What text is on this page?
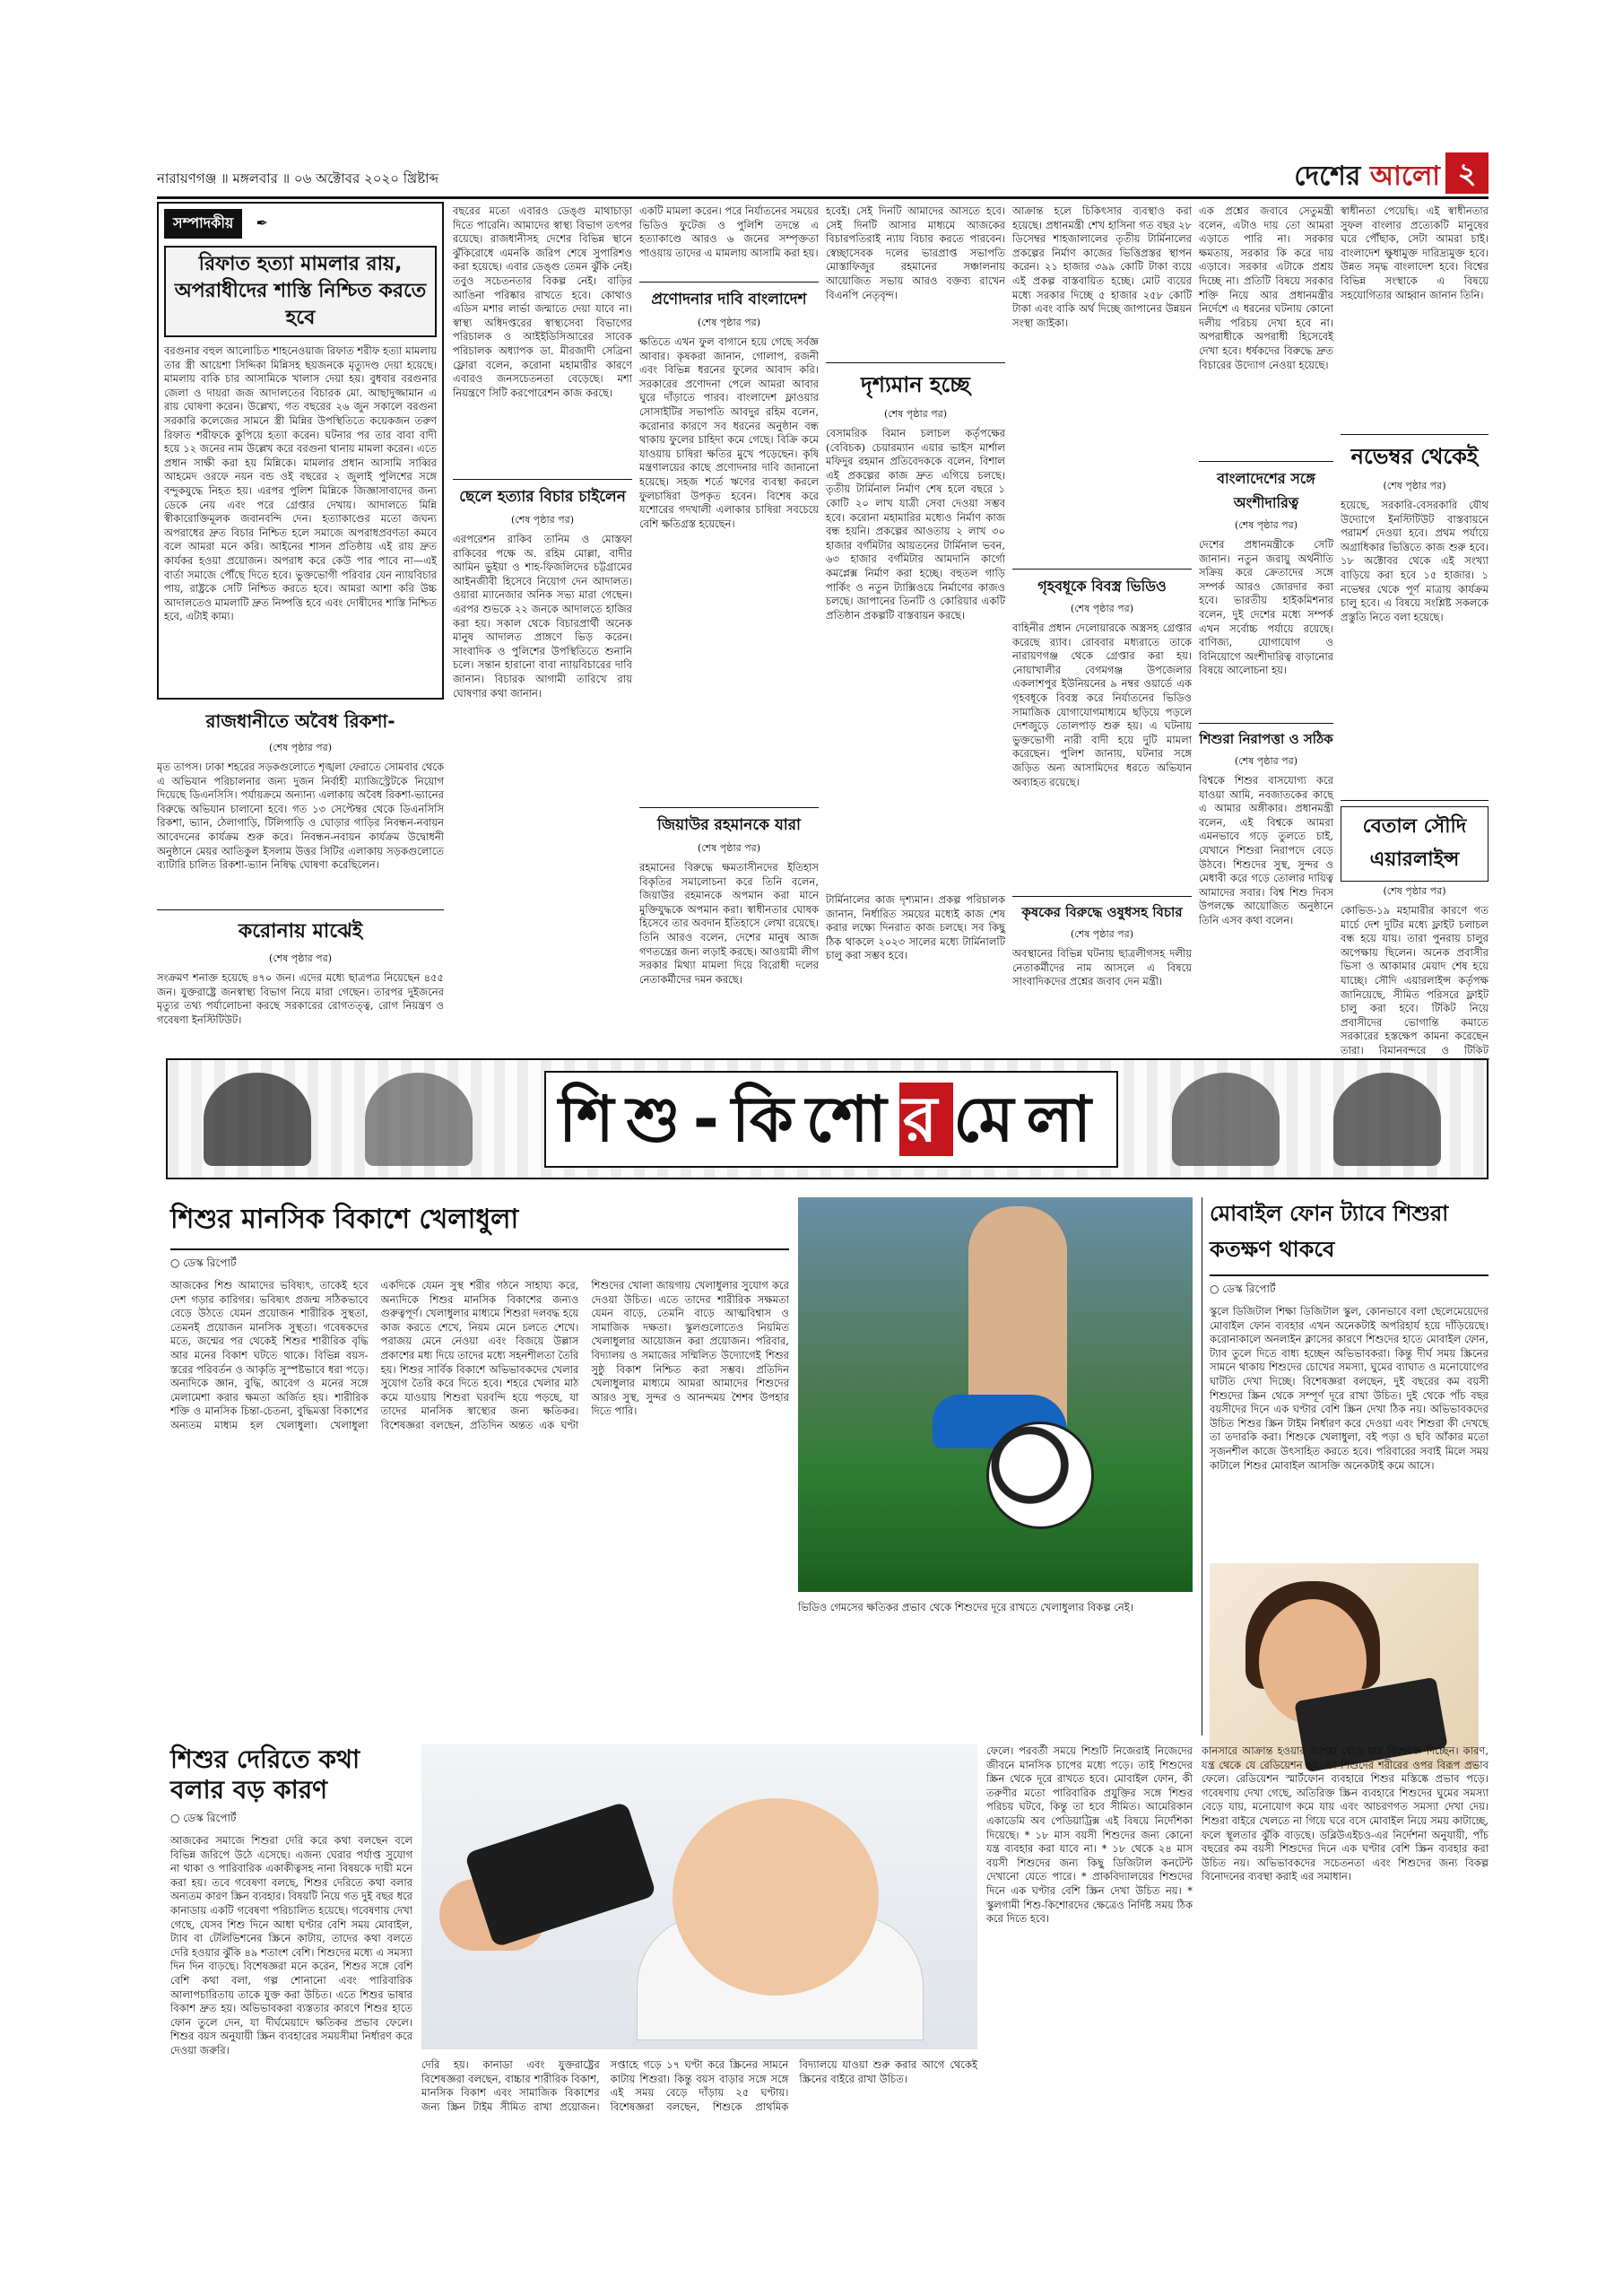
নারায়ণগঞ্জ ॥ মঙ্গলবার ॥ ০৬ অক্টোবর ২০২০ খ্রিষ্টাব্দ	দেশের আলো ২
সম্পাদকীয় ✒
রিফাত হত্যা মামলার রায়, অপরাধীদের শাস্তি নিশ্চিত করতে হবে
বরগুনার বহুল আলোচিত শাহনেওয়াজ রিফাত শরীফ হত্যা মামলায় তার স্ত্রী আয়েশা সিদ্দিকা মিন্নিসহ ছয়জনকে মৃত্যুদণ্ড দেয়া হয়েছে। মামলায় বাকি চার আসামিকে খালাস দেয়া হয়। বুধবার বরগুনার জেলা ও দায়রা জজ আদালতের বিচারক মো. আছাদুজ্জামান এ রায় ঘোষণা করেন। উল্লেখ্য, গত বছরের ২৬ জুন সকালে বরগুনা সরকারি কলেজের সামনে স্ত্রী মিন্নির উপস্থিতিতে কয়েকজন তরুণ রিফাত শরীফকে কুপিয়ে হত্যা করেন। ঘটনার পর তার বাবা বাদী হয়ে ১২ জনের নাম উল্লেখ করে বরগুনা থানায় মামলা করেন। এতে প্রধান সাক্ষী করা হয় মিন্নিকে। মামলার প্রধান আসামি সাব্বির আহমেদ ওরফে নয়ন বন্ড ওই বছরের ২ জুলাই পুলিশের সঙ্গে বন্দুকযুদ্ধে নিহত হয়। এরপর পুলিশ মিন্নিকে জিজ্ঞাসাবাদের জন্য ডেকে নেয় এবং পরে গ্রেপ্তার দেখায়। আদালতে মিন্নি স্বীকারোক্তিমূলক জবানবন্দি দেন। হত্যাকাণ্ডের মতো জঘন্য অপরাধের দ্রুত বিচার নিশ্চিত হলে সমাজে অপরাধপ্রবণতা কমবে বলে আমরা মনে করি। আইনের শাসন প্রতিষ্ঠায় এই রায় দ্রুত কার্যকর হওয়া প্রয়োজন। অপরাধ করে কেউ পার পাবে না—এই বার্তা সমাজে পৌঁছে দিতে হবে। ভুক্তভোগী পরিবার যেন ন্যায়বিচার পায়, রাষ্ট্রকে সেটি নিশ্চিত করতে হবে। আমরা আশা করি উচ্চ আদালতেও মামলাটি দ্রুত নিষ্পত্তি হবে এবং দোষীদের শাস্তি নিশ্চিত হবে, এটাই কাম্য।
রাজধানীতে অবৈধ রিকশা-
(শেষ পৃষ্ঠার পর)
মৃত তাপস। ঢাকা শহরের সড়কগুলোতে শৃঙ্খলা ফেরাতে সোমবার থেকে এ অভিযান পরিচালনার জন্য দুজন নির্বাহী ম্যাজিস্ট্রেটকে নিয়োগ দিয়েছে ডিএনসিসি। পর্যায়ক্রমে অন্যান্য এলাকায় অবৈধ রিকশা-ভ্যানের বিরুদ্ধে অভিযান চালানো হবে। গত ১৩ সেপ্টেম্বর থেকে ডিএনসিসি রিকশা, ভ্যান, ঠেলাগাড়ি, টিলিগাড়ি ও ঘোড়ার গাড়ির নিবন্ধন-নবায়ন আবেদনের কার্যক্রম শুরু করে। নিবন্ধন-নবায়ন কার্যক্রম উদ্বোধনী অনুষ্ঠানে মেয়র আতিকুল ইসলাম উত্তর সিটির এলাকায় সড়কগুলোতে ব্যাটারি চালিত রিকশা-ভ্যান নিষিদ্ধ ঘোষণা করেছিলেন।
করোনায় মাঝেই
(শেষ পৃষ্ঠার পর)
সংক্রমণ শনাক্ত হয়েছে ৪৭০ জন। এদের মধ্যে ছাত্রপত্র নিয়েছেন ৪৫৫ জন। যুক্তরাষ্ট্রে জনস্বাস্থ্য বিভাগ নিয়ে মারা গেছেন। তারপর দুইজনের মৃত্যুর তথ্য পর্যালোচনা করছে সরকারের রোগতত্ত্ব, রোগ নিয়ন্ত্রণ ও গবেষণা ইনস্টিটিউট।
বছরের মতো এবারও ডেঙ্গু মাথাচাড়া দিতে পারেনি। আমাদের স্বাস্থ্য বিভাগ তৎপর রয়েছে। রাজধানীসহ দেশের বিভিন্ন স্থানে ঝুঁকিরোধে এমনকি জরিপ শেষে সুপারিশও করা হয়েছে। এবার ডেঙ্গু তেমন ঝুঁকি নেই। তবুও সচেতনতার বিকল্প নেই। বাড়ির আঙিনা পরিষ্কার রাখতে হবে। কোথাও এডিস মশার লার্ভা জন্মাতে দেয়া যাবে না। স্বাস্থ্য অধিদপ্তরের স্বাস্থ্যসেবা বিভাগের পরিচালক ও আইইডিসিআরের সাবেক পরিচালক অধ্যাপক ডা. মীরজাদী সেব্রিনা ফ্লোরা বলেন, করোনা মহামারীর কারণে এবারও জনসচেতনতা বেড়েছে। মশা নিয়ন্ত্রণে সিটি করপোরেশন কাজ করছে।
ছেলে হত্যার বিচার চাইলেন
(শেষ পৃষ্ঠার পর)
এরপরেশন রাকিব তানিম ও মোস্তফা রাকিবের পক্ষে অ. রহিম মোল্লা, বাদীর আমিন ভুইয়া ও শাহ-ফিজলিদের চট্টগ্রামের আইনজীবী হিসেবে নিয়োগ দেন আদালত। ওয়ারা ম্যানেজার অনিক সভ্য মারা গেছেন। এরপর শুভকে ২২ জনকে আদালতে হাজির করা হয়। সকাল থেকে বিচারপ্রার্থী অনেক মানুষ আদালত প্রাঙ্গণে ভিড় করেন। সাংবাদিক ও পুলিশের উপস্থিতিতে শুনানি চলে। সন্তান হারানো বাবা ন্যায়বিচারের দাবি জানান। বিচারক আগামী তারিখে রায় ঘোষণার কথা জানান।
একটি মামলা করেন। পরে নির্যাতনের সময়ের ভিডিও ফুটেজ ও পুলিশি তদন্তে এ হত্যাকাণ্ডে আরও ৬ জনের সম্পৃক্ততা পাওয়ায় তাদের এ মামলায় আসামি করা হয়।
প্রণোদনার দাবি বাংলাদেশ
(শেষ পৃষ্ঠার পর)
ক্ষতিতে এখন ফুল বাগানে হয়ে গেছে সর্বজ্ঞ আবার। কৃষকরা জানান, গোলাপ, রজনী এবং বিভিন্ন ধরনের ফুলের আবাদ করি। সরকারের প্রণোদনা পেলে আমরা আবার ঘুরে দাঁড়াতে পারব। বাংলাদেশ ফ্লাওয়ার সোসাইটির সভাপতি আবদুর রহিম বলেন, করোনার কারণে সব ধরনের অনুষ্ঠান বন্ধ থাকায় ফুলের চাহিদা কমে গেছে। বিক্রি কমে যাওয়ায় চাষিরা ক্ষতির মুখে পড়েছেন। কৃষি মন্ত্রণালয়ের কাছে প্রণোদনার দাবি জানানো হয়েছে। সহজ শর্তে ঋণের ব্যবস্থা করলে ফুলচাষিরা উপকৃত হবেন। বিশেষ করে যশোরের গদখালী এলাকার চাষিরা সবচেয়ে বেশি ক্ষতিগ্রস্ত হয়েছেন।
জিয়াউর রহমানকে যারা
(শেষ পৃষ্ঠার পর)
রহমানের বিরুদ্ধে ক্ষমতাসীনদের ইতিহাস বিকৃতির সমালোচনা করে তিনি বলেন, জিয়াউর রহমানকে অপমান করা মানে মুক্তিযুদ্ধকে অপমান করা। স্বাধীনতার ঘোষক হিসেবে তার অবদান ইতিহাসে লেখা রয়েছে। তিনি আরও বলেন, দেশের মানুষ আজ গণতন্ত্রের জন্য লড়াই করছে। আওয়ামী লীগ সরকার মিথ্যা মামলা দিয়ে বিরোধী দলের নেতাকর্মীদের দমন করছে।
হবেই। সেই দিনটি আমাদের আসতে হবে। সেই দিনটি আসার মাধ্যমে আজকের বিচারপতিরাই ন্যায় বিচার করতে পারবেন। স্বেচ্ছাসেবক দলের ভারপ্রাপ্ত সভাপতি মোস্তাফিজুর রহমানের সঞ্চালনায় আয়োজিত সভায় আরও বক্তব্য রাখেন বিএনপি নেতৃবৃন্দ।
দৃশ্যমান হচ্ছে
(শেষ পৃষ্ঠার পর)
বেসামরিক বিমান চলাচল কর্তৃপক্ষের (বেবিচক) চেয়ারম্যান এয়ার ভাইস মার্শাল মফিদুর রহমান প্রতিবেদককে বলেন, বিশাল এই প্রকল্পের কাজ দ্রুত এগিয়ে চলছে। তৃতীয় টার্মিনাল নির্মাণ শেষ হলে বছরে ১ কোটি ২০ লাখ যাত্রী সেবা দেওয়া সম্ভব হবে। করোনা মহামারির মধ্যেও নির্মাণ কাজ বন্ধ হয়নি। প্রকল্পের আওতায় ২ লাখ ৩০ হাজার বর্গমিটার আয়তনের টার্মিনাল ভবন, ৬৩ হাজার বর্গমিটার আমদানি কার্গো কমপ্লেক্স নির্মাণ করা হচ্ছে। বহুতল গাড়ি পার্কিং ও নতুন ট্যাক্সিওয়ে নির্মাণের কাজও চলছে। জাপানের তিনটি ও কোরিয়ার একটি প্রতিষ্ঠান প্রকল্পটি বাস্তবায়ন করছে।
টার্মিনালের কাজ দৃশ্যমান। প্রকল্প পরিচালক জানান, নির্ধারিত সময়ের মধ্যেই কাজ শেষ করার লক্ষ্যে দিনরাত কাজ চলছে। সব কিছু ঠিক থাকলে ২০২৩ সালের মধ্যে টার্মিনালটি চালু করা সম্ভব হবে।
আক্রান্ত হলে চিকিৎসার ব্যবস্থাও করা হয়েছে। প্রধানমন্ত্রী শেখ হাসিনা গত বছর ২৮ ডিসেম্বর শাহজালালের তৃতীয় টার্মিনালের প্রকল্পের নির্মাণ কাজের ভিত্তিপ্রস্তর স্থাপন করেন। ২১ হাজার ৩৯৯ কোটি টাকা ব্যয়ে এই প্রকল্প বাস্তবায়িত হচ্ছে। মোট ব্যয়ের মধ্যে সরকার দিচ্ছে ৫ হাজার ২৫৮ কোটি টাকা এবং বাকি অর্থ দিচ্ছে জাপানের উন্নয়ন সংস্থা জাইকা।
গৃহবধূকে বিবস্ত্র ভিডিও
(শেষ পৃষ্ঠার পর)
বাহিনীর প্রধান দেলোয়ারকে অস্ত্রসহ গ্রেপ্তার করেছে র‍্যাব। রোববার মধ্যরাতে তাকে নারায়ণগঞ্জ থেকে গ্রেপ্তার করা হয়। নোয়াখালীর বেগমগঞ্জ উপজেলার একলাশপুর ইউনিয়নের ৯ নম্বর ওয়ার্ডে এক গৃহবধূকে বিবস্ত্র করে নির্যাতনের ভিডিও সামাজিক যোগাযোগমাধ্যমে ছড়িয়ে পড়লে দেশজুড়ে তোলপাড় শুরু হয়। এ ঘটনায় ভুক্তভোগী নারী বাদী হয়ে দুটি মামলা করেছেন। পুলিশ জানায়, ঘটনার সঙ্গে জড়িত অন্য আসামিদের ধরতে অভিযান অব্যাহত রয়েছে।
কৃষকের বিরুদ্ধে ওষুধসহ বিচার
(শেষ পৃষ্ঠার পর)
অবস্থানের বিভিন্ন ঘটনায় ছাত্রলীগসহ দলীয় নেতাকর্মীদের নাম আসলে এ বিষয়ে সাংবাদিকদের প্রশ্নের জবাব দেন মন্ত্রী।
এক প্রশ্নের জবাবে সেতুমন্ত্রী বলেন, এটাও দায় তো আমরা এড়াতে পারি না। সরকার ক্ষমতায়, সরকার কি করে দায় এড়াবে। সরকার এটাকে প্রশ্রয় দিচ্ছে না। প্রতিটি বিষয়ে সরকার শক্তি নিয়ে আর প্রধানমন্ত্রীর নির্দেশে এ ধরনের ঘটনায় কোনো দলীয় পরিচয় দেখা হবে না। অপরাধীকে অপরাধী হিসেবেই দেখা হবে। ধর্ষকদের বিরুদ্ধে দ্রুত বিচারের উদ্যোগ নেওয়া হয়েছে।
বাংলাদেশের সঙ্গে অংশীদারিত্ব
(শেষ পৃষ্ঠার পর)
দেশের প্রধানমন্ত্রীকে সেটি জানান। নতুন জরায়ু অর্থনীতি সক্রিয় করে ক্রেতাদের সঙ্গে সম্পর্ক আরও জোরদার করা হবে। ভারতীয় হাইকমিশনার বলেন, দুই দেশের মধ্যে সম্পর্ক এখন সর্বোচ্চ পর্যায়ে রয়েছে। বাণিজ্য, যোগাযোগ ও বিনিয়োগে অংশীদারিত্ব বাড়ানোর বিষয়ে আলোচনা হয়।
শিশুরা নিরাপত্তা ও সঠিক
(শেষ পৃষ্ঠার পর)
বিশ্বকে শিশুর বাসযোগ্য করে যাওয়া আমি, নবজাতকের কাছে এ আমার অঙ্গীকার। প্রধানমন্ত্রী বলেন, এই বিশ্বকে আমরা এমনভাবে গড়ে তুলতে চাই, যেখানে শিশুরা নিরাপদে বেড়ে উঠবে। শিশুদের সুস্থ, সুন্দর ও মেধাবী করে গড়ে তোলার দায়িত্ব আমাদের সবার। বিশ্ব শিশু দিবস উপলক্ষে আয়োজিত অনুষ্ঠানে তিনি এসব কথা বলেন।
স্বাধীনতা পেয়েছি। এই স্বাধীনতার সুফল বাংলার প্রত্যেকটি মানুষের ঘরে পৌঁছাক, সেটা আমরা চাই। বাংলাদেশ ক্ষুধামুক্ত দারিদ্র্যমুক্ত হবে। উন্নত সমৃদ্ধ বাংলাদেশ হবে। বিশ্বের বিভিন্ন সংস্থাকে এ বিষয়ে সহযোগিতার আহ্বান জানান তিনি।
নভেম্বর থেকেই
(শেষ পৃষ্ঠার পর)
হয়েছে, সরকারি-বেসরকারি যৌথ উদ্যোগে ইনস্টিটিউট বাস্তবায়নে পরামর্শ দেওয়া হবে। প্রথম পর্যায়ে অগ্রাধিকার ভিত্তিতে কাজ শুরু হবে। ১৮ অক্টোবর থেকে এই সংখ্যা বাড়িয়ে করা হবে ১৫ হাজার। ১ নভেম্বর থেকে পূর্ণ মাত্রায় কার্যক্রম চালু হবে। এ বিষয়ে সংশ্লিষ্ট সকলকে প্রস্তুতি নিতে বলা হয়েছে।
বেতাল সৌদি এয়ারলাইন্স
(শেষ পৃষ্ঠার পর)
কোভিড-১৯ মহামারীর কারণে গত মার্চে দেশ দুটির মধ্যে ফ্লাইট চলাচল বন্ধ হয়ে যায়। তারা পুনরায় চালুর অপেক্ষায় ছিলেন। অনেক প্রবাসীর ভিসা ও আকামার মেয়াদ শেষ হয়ে যাচ্ছে। সৌদি এয়ারলাইন্স কর্তৃপক্ষ জানিয়েছে, সীমিত পরিসরে ফ্লাইট চালু করা হবে। টিকিট নিয়ে প্রবাসীদের ভোগান্তি কমাতে সরকারের হস্তক্ষেপ কামনা করেছেন তারা। বিমানবন্দরে ও টিকিট
শিশু-কিশোরমেলা
শিশুর মানসিক বিকাশে খেলাধুলা
○ ডেস্ক রিপোর্ট
আজকের শিশু আমাদের ভবিষ্যৎ, তাকেই হবে দেশ গড়ার কারিগর। ভবিষ্যৎ প্রজন্ম সঠিকভাবে বেড়ে উঠতে যেমন প্রয়োজন শারীরিক সুস্থতা, তেমনই প্রয়োজন মানসিক সুস্থতা। গবেষকদের মতে, জন্মের পর থেকেই শিশুর শারীরিক বৃদ্ধি আর মনের বিকাশ ঘটতে থাকে। বিভিন্ন বয়স-স্তরের পরিবর্তন ও আকৃতি সুস্পষ্টভাবে ধরা পড়ে। অন্যদিকে জ্ঞান, বুদ্ধি, আবেগ ও মনের সঙ্গে মেলামেশা করার ক্ষমতা অর্জিত হয়। শারীরিক শক্তি ও মানসিক চিন্তা-চেতনা, বুদ্ধিমত্তা বিকাশের অন্যতম মাধ্যম হল খেলাধুলা। খেলাধুলা একদিকে যেমন সুস্থ শরীর গঠনে সাহায্য করে, অন্যদিকে শিশুর মানসিক বিকাশের জন্যও গুরুত্বপূর্ণ। খেলাধুলার মাধ্যমে শিশুরা দলবদ্ধ হয়ে কাজ করতে শেখে, নিয়ম মেনে চলতে শেখে। পরাজয় মেনে নেওয়া এবং বিজয়ে উল্লাস প্রকাশের মধ্য দিয়ে তাদের মধ্যে সহনশীলতা তৈরি হয়। শিশুর সার্বিক বিকাশে অভিভাবকদের খেলার সুযোগ তৈরি করে দিতে হবে। শহরে খেলার মাঠ কমে যাওয়ায় শিশুরা ঘরবন্দি হয়ে পড়ছে, যা তাদের মানসিক স্বাস্থ্যের জন্য ক্ষতিকর। বিশেষজ্ঞরা বলছেন, প্রতিদিন অন্তত এক ঘণ্টা শিশুদের খোলা জায়গায় খেলাধুলার সুযোগ করে দেওয়া উচিত। এতে তাদের শারীরিক সক্ষমতা যেমন বাড়ে, তেমনি বাড়ে আত্মবিশ্বাস ও সামাজিক দক্ষতা। স্কুলগুলোতেও নিয়মিত খেলাধুলার আয়োজন করা প্রয়োজন। পরিবার, বিদ্যালয় ও সমাজের সম্মিলিত উদ্যোগেই শিশুর সুষ্ঠু বিকাশ নিশ্চিত করা সম্ভব। প্রতিদিন খেলাধুলার মাধ্যমে আমরা আমাদের শিশুদের আরও সুস্থ, সুন্দর ও আনন্দময় শৈশব উপহার দিতে পারি।
ভিডিও গেমসের ক্ষতিকর প্রভাব থেকে শিশুদের দূরে রাখতে খেলাধুলার বিকল্প নেই।
মোবাইল ফোন ট্যাবে শিশুরা কতক্ষণ থাকবে
○ ডেস্ক রিপোর্ট
স্কুলে ডিজিটাল শিক্ষা ডিজিটাল স্কুল, কোনভাবে বলা ছেলেমেয়েদের মোবাইল ফোন ব্যবহার এখন অনেকটাই অপরিহার্য হয়ে দাঁড়িয়েছে। করোনাকালে অনলাইন ক্লাসের কারণে শিশুদের হাতে মোবাইল ফোন, ট্যাব তুলে দিতে বাধ্য হচ্ছেন অভিভাবকরা। কিন্তু দীর্ঘ সময় স্ক্রিনের সামনে থাকায় শিশুদের চোখের সমস্যা, ঘুমের ব্যাঘাত ও মনোযোগের ঘাটতি দেখা দিচ্ছে। বিশেষজ্ঞরা বলছেন, দুই বছরের কম বয়সী শিশুদের স্ক্রিন থেকে সম্পূর্ণ দূরে রাখা উচিত। দুই থেকে পাঁচ বছর বয়সীদের দিনে এক ঘণ্টার বেশি স্ক্রিন দেখা ঠিক নয়। অভিভাবকদের উচিত শিশুর স্ক্রিন টাইম নির্ধারণ করে দেওয়া এবং শিশুরা কী দেখছে তা তদারকি করা। শিশুকে খেলাধুলা, বই পড়া ও ছবি আঁকার মতো সৃজনশীল কাজে উৎসাহিত করতে হবে। পরিবারের সবাই মিলে সময় কাটালে শিশুর মোবাইল আসক্তি অনেকটাই কমে আসে।
কানসারে আক্রান্ত হওয়ার আশঙ্কা বেড়ে যায় বিশেষজ্ঞ দিচ্ছেন। কারণ, যন্ত্র থেকে যে রেডিয়েশন হয়, তা শিশুদের শরীরের ওপর বিরূপ প্রভাব ফেলে। রেডিয়েশন স্মার্টফোন ব্যবহারে শিশুর মস্তিষ্কে প্রভাব পড়ে। গবেষণায় দেখা গেছে, অতিরিক্ত স্ক্রিন ব্যবহারে শিশুদের ঘুমের সমস্যা বেড়ে যায়, মনোযোগ কমে যায় এবং আচরণগত সমস্যা দেখা দেয়। শিশুরা বাইরে খেলতে না গিয়ে ঘরে বসে মোবাইল নিয়ে সময় কাটাচ্ছে, ফলে স্থূলতার ঝুঁকি বাড়ছে। ডব্লিউএইচও-এর নির্দেশনা অনুযায়ী, পাঁচ বছরের কম বয়সী শিশুদের দিনে এক ঘণ্টার বেশি স্ক্রিন ব্যবহার করা উচিত নয়। অভিভাবকদের সচেতনতা এবং শিশুদের জন্য বিকল্প বিনোদনের ব্যবস্থা করাই এর সমাধান।
শিশুর দেরিতে কথা বলার বড় কারণ
○ ডেস্ক রিপোর্ট
আজকের সমাজে শিশুরা দেরি করে কথা বলছেন বলে বিভিন্ন জরিপে উঠে এসেছে। এজন্য ঘেরার পর্যাপ্ত সুযোগ না থাকা ও পারিবারিক একাকীত্বসহ নানা বিষয়কে দায়ী মনে করা হয়। তবে গবেষণা বলছে, শিশুর দেরিতে কথা বলার অন্যতম কারণ স্ক্রিন ব্যবহার। বিষয়টি নিয়ে গত দুই বছর ধরে কানাডায় একটি গবেষণা পরিচালিত হয়েছে। গবেষণায় দেখা গেছে, যেসব শিশু দিনে আধা ঘণ্টার বেশি সময় মোবাইল, ট্যাব বা টেলিভিশনের স্ক্রিনে কাটায়, তাদের কথা বলতে দেরি হওয়ার ঝুঁকি ৪৯ শতাংশ বেশি। শিশুদের মধ্যে এ সমস্যা দিন দিন বাড়ছে। বিশেষজ্ঞরা মনে করেন, শিশুর সঙ্গে বেশি বেশি কথা বলা, গল্প শোনানো এবং পারিবারিক আলাপচারিতায় তাকে যুক্ত করা উচিত। এতে শিশুর ভাষার বিকাশ দ্রুত হয়। অভিভাবকরা ব্যস্ততার কারণে শিশুর হাতে ফোন তুলে দেন, যা দীর্ঘমেয়াদে ক্ষতিকর প্রভাব ফেলে। শিশুর বয়স অনুযায়ী স্ক্রিন ব্যবহারের সময়সীমা নির্ধারণ করে দেওয়া জরুরি।
দেরি হয়। কানাডা এবং যুক্তরাষ্ট্রের বিশেষজ্ঞরা বলছেন, বাচ্চার শারীরিক বিকাশ, মানসিক বিকাশ এবং সামাজিক বিকাশের জন্য স্ক্রিন টাইম সীমিত রাখা প্রয়োজন। সপ্তাহে গড়ে ১৭ ঘণ্টা করে স্ক্রিনের সামনে কাটায় শিশুরা। কিন্তু বয়স বাড়ার সঙ্গে সঙ্গে এই সময় বেড়ে দাঁড়ায় ২৫ ঘণ্টায়। বিশেষজ্ঞরা বলছেন, শিশুকে প্রাথমিক বিদ্যালয়ে যাওয়া শুরু করার আগে থেকেই স্ক্রিনের বাইরে রাখা উচিত।
ফেলে। পরবর্তী সময়ে শিশুটি নিজেরাই নিজেদের জীবনে মানসিক চাপের মধ্যে পড়ে। তাই শিশুদের স্ক্রিন থেকে দূরে রাখতে হবে। মোবাইল ফোন, কী তরুণীর মতো পারিবারিক প্রযুক্তির সঙ্গে শিশুর পরিচয় ঘটবে, কিন্তু তা হবে সীমিত। আমেরিকান একাডেমি অব পেডিয়াট্রিক্স এই বিষয়ে নির্দেশিকা দিয়েছে। * ১৮ মাস বয়সী শিশুদের জন্য কোনো যন্ত্র ব্যবহার করা যাবে না। * ১৮ থেকে ২৪ মাস বয়সী শিশুদের জন্য কিছু ডিজিটাল কনটেন্ট দেখানো যেতে পারে। * প্রাকবিদ্যালয়ের শিশুদের দিনে এক ঘণ্টার বেশি স্ক্রিন দেখা উচিত নয়। * স্কুলগামী শিশু-কিশোরদের ক্ষেত্রেও নির্দিষ্ট সময় ঠিক করে দিতে হবে।
